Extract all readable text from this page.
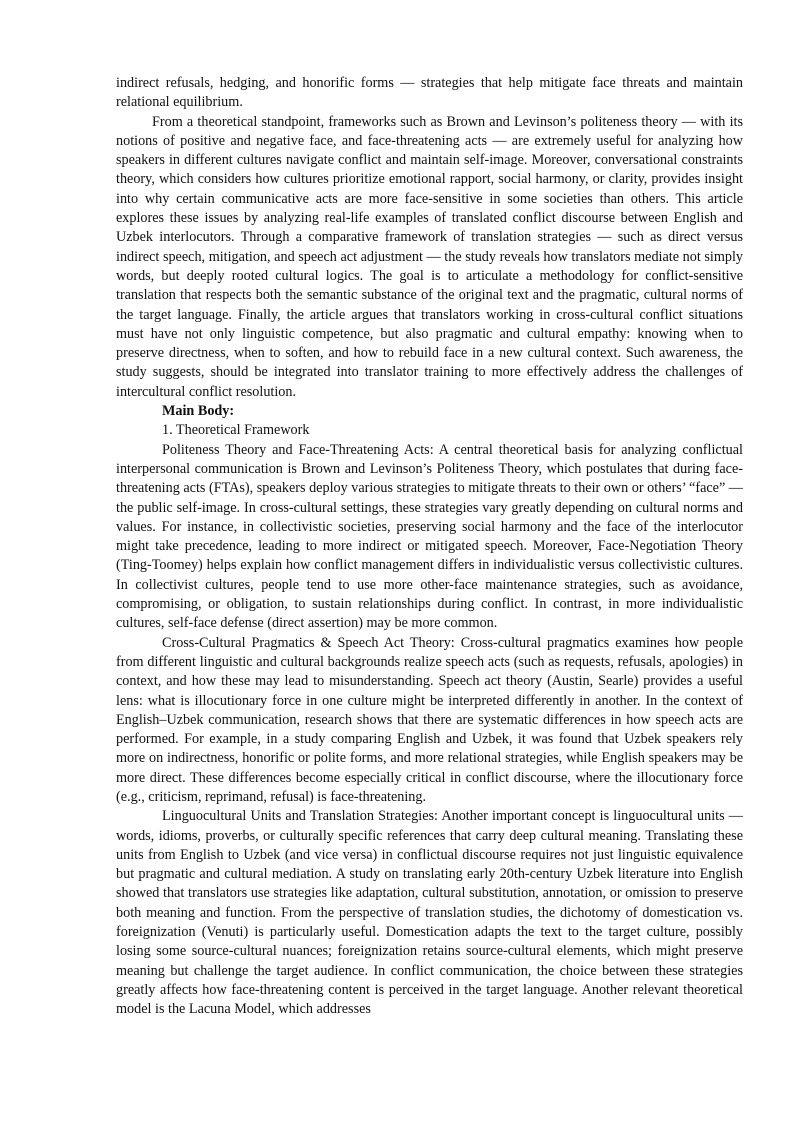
indirect refusals, hedging, and honorific forms — strategies that help mitigate face threats and maintain relational equilibrium.

From a theoretical standpoint, frameworks such as Brown and Levinson’s politeness theory — with its notions of positive and negative face, and face-threatening acts — are extremely useful for analyzing how speakers in different cultures navigate conflict and maintain self-image. Moreover, conversational constraints theory, which considers how cultures prioritize emotional rapport, social harmony, or clarity, provides insight into why certain communicative acts are more face-sensitive in some societies than others. This article explores these issues by analyzing real-life examples of translated conflict discourse between English and Uzbek interlocutors. Through a comparative framework of translation strategies — such as direct versus indirect speech, mitigation, and speech act adjustment — the study reveals how translators mediate not simply words, but deeply rooted cultural logics. The goal is to articulate a methodology for conflict-sensitive translation that respects both the semantic substance of the original text and the pragmatic, cultural norms of the target language. Finally, the article argues that translators working in cross-cultural conflict situations must have not only linguistic competence, but also pragmatic and cultural empathy: knowing when to preserve directness, when to soften, and how to rebuild face in a new cultural context. Such awareness, the study suggests, should be integrated into translator training to more effectively address the challenges of intercultural conflict resolution.

Main Body:

1. Theoretical Framework

Politeness Theory and Face-Threatening Acts: A central theoretical basis for analyzing conflictual interpersonal communication is Brown and Levinson’s Politeness Theory, which postulates that during face-threatening acts (FTAs), speakers deploy various strategies to mitigate threats to their own or others’ “face” — the public self-image. In cross-cultural settings, these strategies vary greatly depending on cultural norms and values. For instance, in collectivistic societies, preserving social harmony and the face of the interlocutor might take precedence, leading to more indirect or mitigated speech. Moreover, Face-Negotiation Theory (Ting-Toomey) helps explain how conflict management differs in individualistic versus collectivistic cultures. In collectivist cultures, people tend to use more other-face maintenance strategies, such as avoidance, compromising, or obligation, to sustain relationships during conflict. In contrast, in more individualistic cultures, self-face defense (direct assertion) may be more common.

Cross-Cultural Pragmatics & Speech Act Theory: Cross-cultural pragmatics examines how people from different linguistic and cultural backgrounds realize speech acts (such as requests, refusals, apologies) in context, and how these may lead to misunderstanding. Speech act theory (Austin, Searle) provides a useful lens: what is illocutionary force in one culture might be interpreted differently in another. In the context of English–Uzbek communication, research shows that there are systematic differences in how speech acts are performed. For example, in a study comparing English and Uzbek, it was found that Uzbek speakers rely more on indirectness, honorific or polite forms, and more relational strategies, while English speakers may be more direct. These differences become especially critical in conflict discourse, where the illocutionary force (e.g., criticism, reprimand, refusal) is face-threatening.

Linguocultural Units and Translation Strategies: Another important concept is linguocultural units — words, idioms, proverbs, or culturally specific references that carry deep cultural meaning. Translating these units from English to Uzbek (and vice versa) in conflictual discourse requires not just linguistic equivalence but pragmatic and cultural mediation. A study on translating early 20th-century Uzbek literature into English showed that translators use strategies like adaptation, cultural substitution, annotation, or omission to preserve both meaning and function. From the perspective of translation studies, the dichotomy of domestication vs. foreignization (Venuti) is particularly useful. Domestication adapts the text to the target culture, possibly losing some source-cultural nuances; foreignization retains source-cultural elements, which might preserve meaning but challenge the target audience. In conflict communication, the choice between these strategies greatly affects how face-threatening content is perceived in the target language. Another relevant theoretical model is the Lacuna Model, which addresses
